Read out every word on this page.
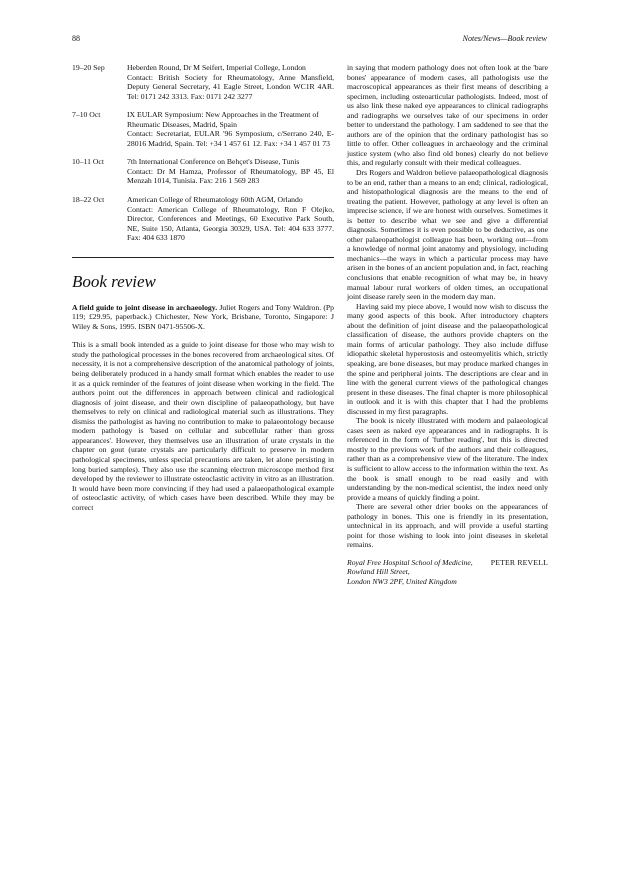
88	Notes/News—Book review
19–20 Sep	Heberden Round, Dr M Seifert, Imperial College, London
Contact: British Society for Rheumatology, Anne Mansfield, Deputy General Secretary, 41 Eagle Street, London WC1R 4AR. Tel: 0171 242 3313. Fax: 0171 242 3277
7–10 Oct	IX EULAR Symposium: New Approaches in the Treatment of Rheumatic Diseases, Madrid, Spain
Contact: Secretariat, EULAR '96 Symposium, c/Serrano 240, E-28016 Madrid, Spain. Tel: +34 1 457 61 12. Fax: +34 1 457 01 73
10–11 Oct	7th International Conference on Behçet's Disease, Tunis
Contact: Dr M Hamza, Professor of Rheumatology, BP 45, El Menzah 1014, Tunisia. Fax: 216 1 569 283
18–22 Oct	American College of Rheumatology 60th AGM, Orlando
Contact: American College of Rheumatology, Ron F Olejko, Director, Conferences and Meetings, 60 Executive Park South, NE, Suite 150, Atlanta, Georgia 30329, USA. Tel: 404 633 3777. Fax: 404 633 1870
Book review
A field guide to joint disease in archaeology. Juliet Rogers and Tony Waldron. (Pp 119; £29.95, paperback.) Chichester, New York, Brisbane, Toronto, Singapore: J Wiley & Sons, 1995. ISBN 0471-95506-X.

This is a small book intended as a guide to joint disease for those who may wish to study the pathological processes in the bones recovered from archaeological sites. Of necessity, it is not a comprehensive description of the anatomical pathology of joints, being deliberately produced in a handy small format which enables the reader to use it as a quick reminder of the features of joint disease when working in the field. The authors point out the differences in approach between clinical and radiological diagnosis of joint disease, and their own discipline of palaeopathology, but have themselves to rely on clinical and radiological material such as illustrations. They dismiss the pathologist as having no contribution to make to palaeontology because modern pathology is 'based on cellular and subcellular rather than gross appearances'. However, they themselves use an illustration of urate crystals in the chapter on gout (urate crystals are particularly difficult to preserve in modern pathological specimens, unless special precautions are taken, let alone persisting in long buried samples). They also use the scanning electron microscope method first developed by the reviewer to illustrate osteoclastic activity in vitro as an illustration. It would have been more convincing if they had used a palaeopathological example of osteoclastic activity, of which cases have been described. While they may be correct

in saying that modern pathology does not often look at the 'bare bones' appearance of modern cases, all pathologists use the macroscopical appearances as their first means of describing a specimen, including osteoarticular pathologists. Indeed, most of us also link these naked eye appearances to clinical radiographs and radiographs we ourselves take of our specimens in order better to understand the pathology. I am saddened to see that the authors are of the opinion that the ordinary pathologist has so little to offer. Other colleagues in archaeology and the criminal justice system (who also find old bones) clearly do not believe this, and regularly consult with their medical colleagues.

Drs Rogers and Waldron believe palaeopathological diagnosis to be an end, rather than a means to an end; clinical, radiological, and histopathological diagnosis are the means to the end of treating the patient. However, pathology at any level is often an imprecise science, if we are honest with ourselves. Sometimes it is better to describe what we see and give a differential diagnosis. Sometimes it is even possible to be deductive, as one other palaeopathologist colleague has been, working out—from a knowledge of normal joint anatomy and physiology, including mechanics—the ways in which a particular process may have arisen in the bones of an ancient population and, in fact, reaching conclusions that enable recognition of what may be, in heavy manual labour rural workers of olden times, an occupational joint disease rarely seen in the modern day man.

Having said my piece above, I would now wish to discuss the many good aspects of this book. After introductory chapters about the definition of joint disease and the palaeopathological classification of disease, the authors provide chapters on the main forms of articular pathology. They also include diffuse idiopathic skeletal hyperostosis and osteomyelitis which, strictly speaking, are bone diseases, but may produce marked changes in the spine and peripheral joints. The descriptions are clear and in line with the general current views of the pathological changes present in these diseases. The final chapter is more philosophical in outlook and it is with this chapter that I had the problems discussed in my first paragraphs.

The book is nicely illustrated with modern and palaeological cases seen as naked eye appearances and in radiographs. It is referenced in the form of 'further reading', but this is directed mostly to the previous work of the authors and their colleagues, rather than as a comprehensive view of the literature. The index is sufficient to allow access to the information within the text. As the book is small enough to be read easily and with understanding by the non-medical scientist, the index need only provide a means of quickly finding a point.

There are several other drier books on the appearances of pathology in bones. This one is friendly in its presentation, untechnical in its approach, and will provide a useful starting point for those wishing to look into joint diseases in skeletal remains.

Royal Free Hospital School of Medicine,
Rowland Hill Street,
London NW3 2PF, United Kingdom
PETER REVELL
